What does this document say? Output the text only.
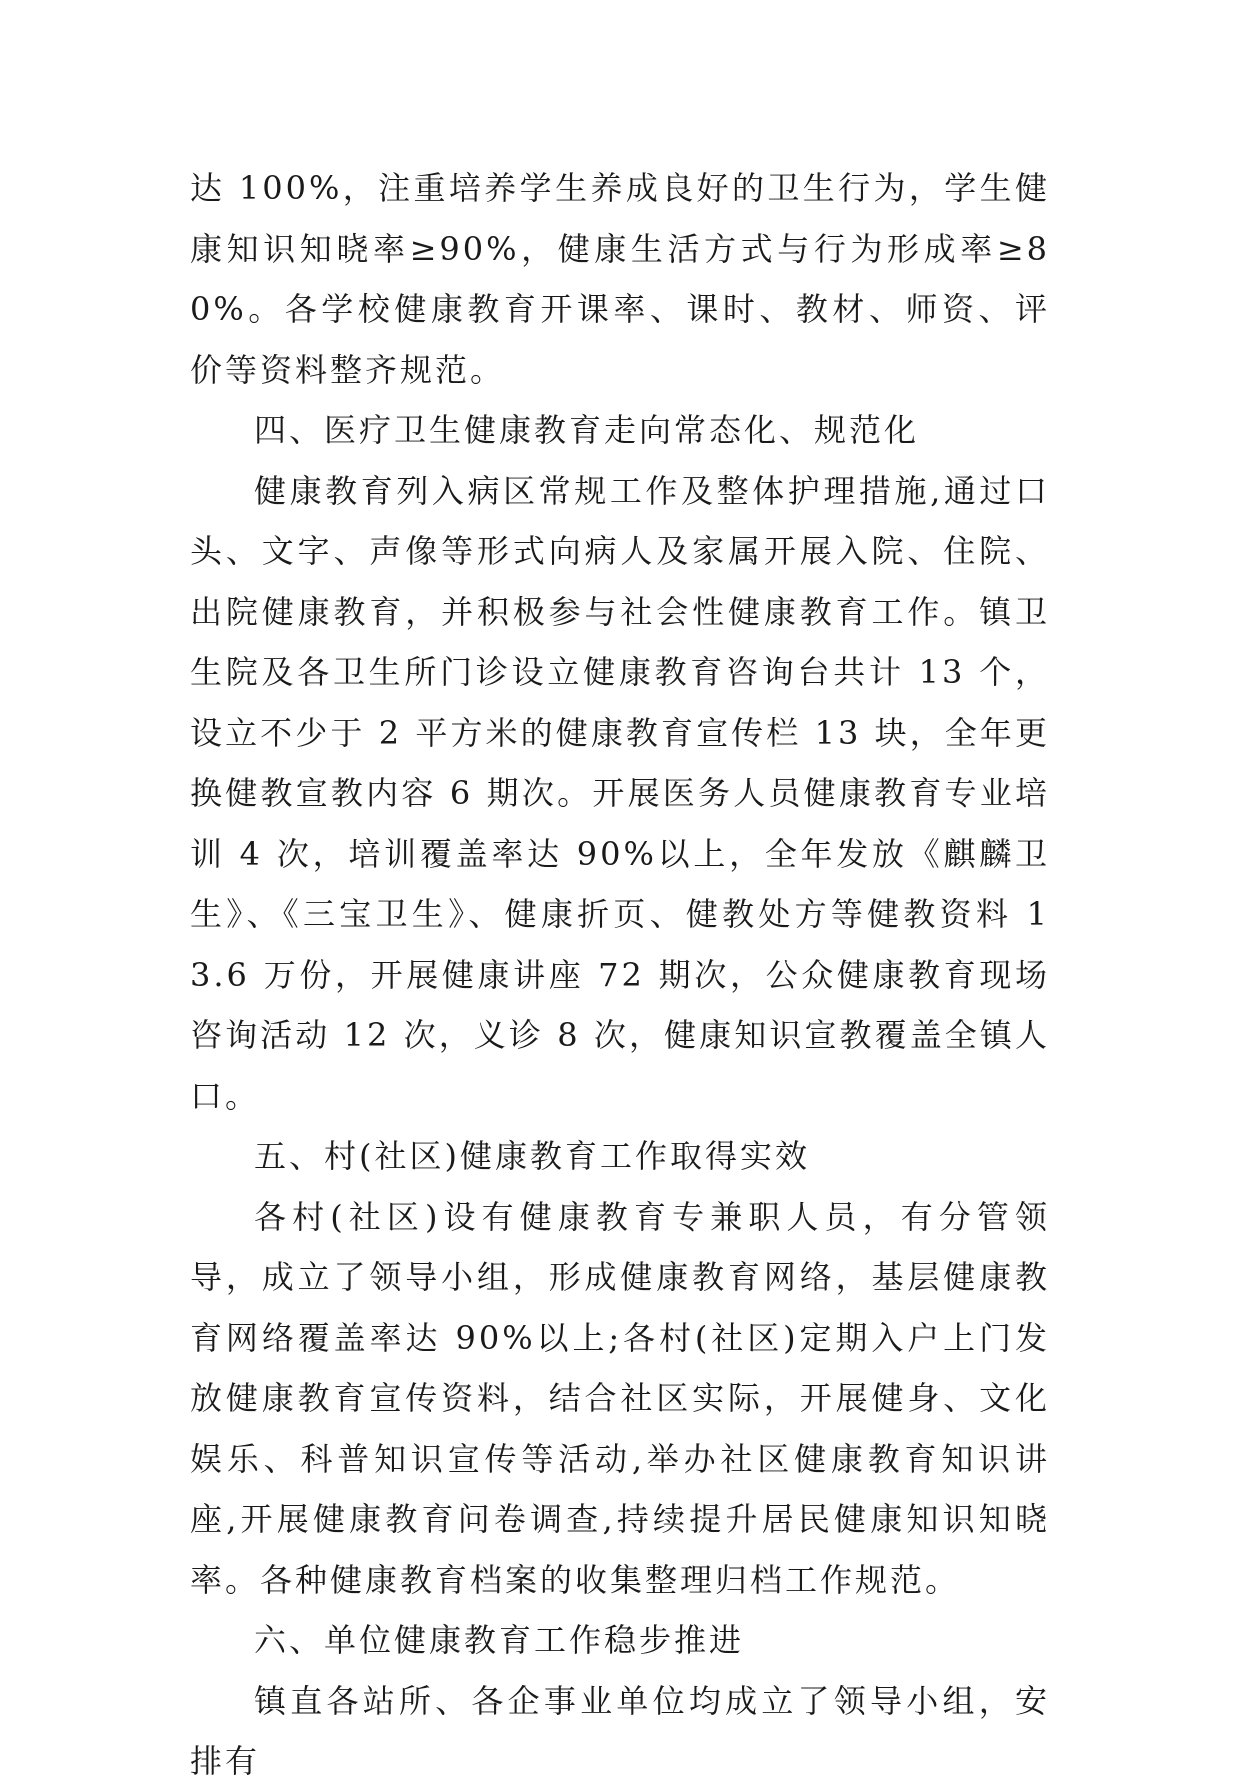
达 100%，注重培养学生养成良好的卫生行为，学生健康知识知晓率≥90%，健康生活方式与行为形成率≥80%。各学校健康教育开课率、课时、教材、师资、评价等资料整齐规范。

四、医疗卫生健康教育走向常态化、规范化

健康教育列入病区常规工作及整体护理措施,通过口头、文字、声像等形式向病人及家属开展入院、住院、出院健康教育，并积极参与社会性健康教育工作。镇卫生院及各卫生所门诊设立健康教育咨询台共计 13 个，设立不少于 2 平方米的健康教育宣传栏 13 块，全年更换健教宣教内容 6 期次。开展医务人员健康教育专业培训 4 次，培训覆盖率达 90%以上，全年发放《麒麟卫生》、《三宝卫生》、健康折页、健教处方等健教资料 13.6 万份，开展健康讲座 72 期次，公众健康教育现场咨询活动 12 次，义诊 8 次，健康知识宣教覆盖全镇人口。

五、村(社区)健康教育工作取得实效

各村(社区)设有健康教育专兼职人员，有分管领导，成立了领导小组，形成健康教育网络，基层健康教育网络覆盖率达 90%以上;各村(社区)定期入户上门发放健康教育宣传资料，结合社区实际，开展健身、文化娱乐、科普知识宣传等活动,举办社区健康教育知识讲座,开展健康教育问卷调查,持续提升居民健康知识知晓率。各种健康教育档案的收集整理归档工作规范。

六、单位健康教育工作稳步推进

镇直各站所、各企事业单位均成立了领导小组，安排有
